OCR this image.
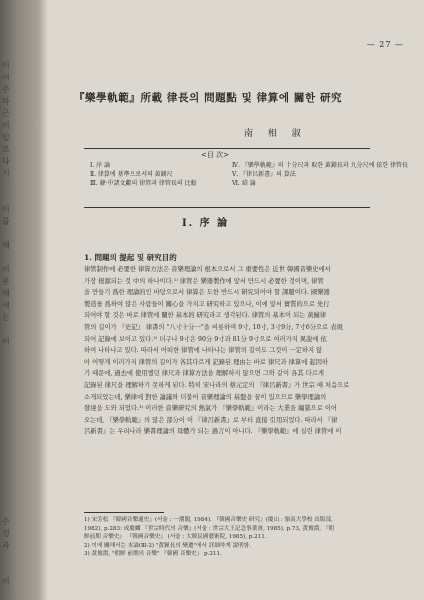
이
여
주
하
근
이
일
로
다
기
이
를
해
이
용
매
세
는
어
수
정
과
이
— 27 —
『樂學軌範』所載 律長의 問題點 및 律算에 關한 研究
南 相 淑
<目 次>
Ⅰ. 序 論
Ⅱ. 律算에 基準으로서의 黃鐘尺
Ⅲ. 韓·中諸文獻의 律管과 律管長의 比較
Ⅳ. 『樂學軌範』의 十分尺과 取한 黃鐘長과 九分尺에 依한 律管長
Ⅴ. 『律呂新書』의 算法
Ⅵ. 結 論
Ⅰ. 序 論
1. 問題의 提起 및 研究目的
律管制作에 必要한 律算方法은 音樂理論의 根本으로서 그 重要性은 近世 韓國音樂史에서
가장 根源되는 것 中의 하나이다.¹⁾ 律管은 樂器製作에 앞서 만드시 必要한 것이며, 律管
을 만들기 爲한 理論的인 바탕으로서 律算은 도한 반드시 研究되어야 할 課題이다. 國樂器
製造를 爲하여 많은 사람들이 關心을 가지고 研究하고 있으나, 이에 앞서 實質的으로 先行
되어야 할 것은 바로 律管에 關한 基本的 研究라고 생각된다. 律管의 基本이 되는 黃鐘律
管의 길이가 『史記』 律書의 "八寸十分一"을 비롯하여 9寸, 10寸, 3寸9分, 7寸6分으로 表現
되어 記錄에 보이고 있다.²⁾ 더구나 9寸은 90分 9寸과 81分 9寸으로 여러가지 異說에 依
하여 나타나고 있다. 따라서 어떠한 律管에 나타나는 律管의 길이도 그것이 一定하지 않
아 어떻게 이러가지 律管의 길이가 各其다르게 記錄된 理由는 바로 律尺과 律算에 起因하
기 때문에, 過去에 使用했던 律尺과 律算方法을 理解하지 않으면 그와 같이 各其 다르게
記錄된 律尺을 理解하기 못하게 된다. 特히 宋나라의 蔡元定의 『律呂新書』가 世宗 때 처음으로
소개되었는데, 樂律에 對한 論議와 더불어 音樂理論의 基盤을 꿈이 있으므로 樂學理論의
發達을 도와 되었다.³⁾ 이러한 音樂研究의 熱氣가 『樂學軌範』이라는 大業을 編纂으로 이어
오는데, 『樂學軌範』의 많은 部分이 이 『律呂新書』로 부터 直接 引用되었다. 따라서 『律
呂新書』는 우리나라 樂書理論의 母體가 되는 過言이 아니다. 『樂學軌範』에 실린 律管에 이
1) 宋芳松 『韓國音樂通史』(서울 : 一潮閣, 1984). 『韓國音樂史 研究』(慶山 : 嶺南大學校 出版部,
1982), p.283: 成慶麟 『世宗時代의 音樂』(서울 : 世宗大王記念事業會, 1985), p.73, 黃俊淵, 『朝
鮮前期 音樂史』 『韓國音樂史』 (서울 : 大韓民國藝術院, 1985), p.211.
2) 이에 關해서는 本論(Ⅲ-2) "黃鐘長의 變遷"에서 詳細하게 說明함.
3) 黃俊淵, "朝鮮 前期의 音樂" 『韓國 音樂史』 p.211.
